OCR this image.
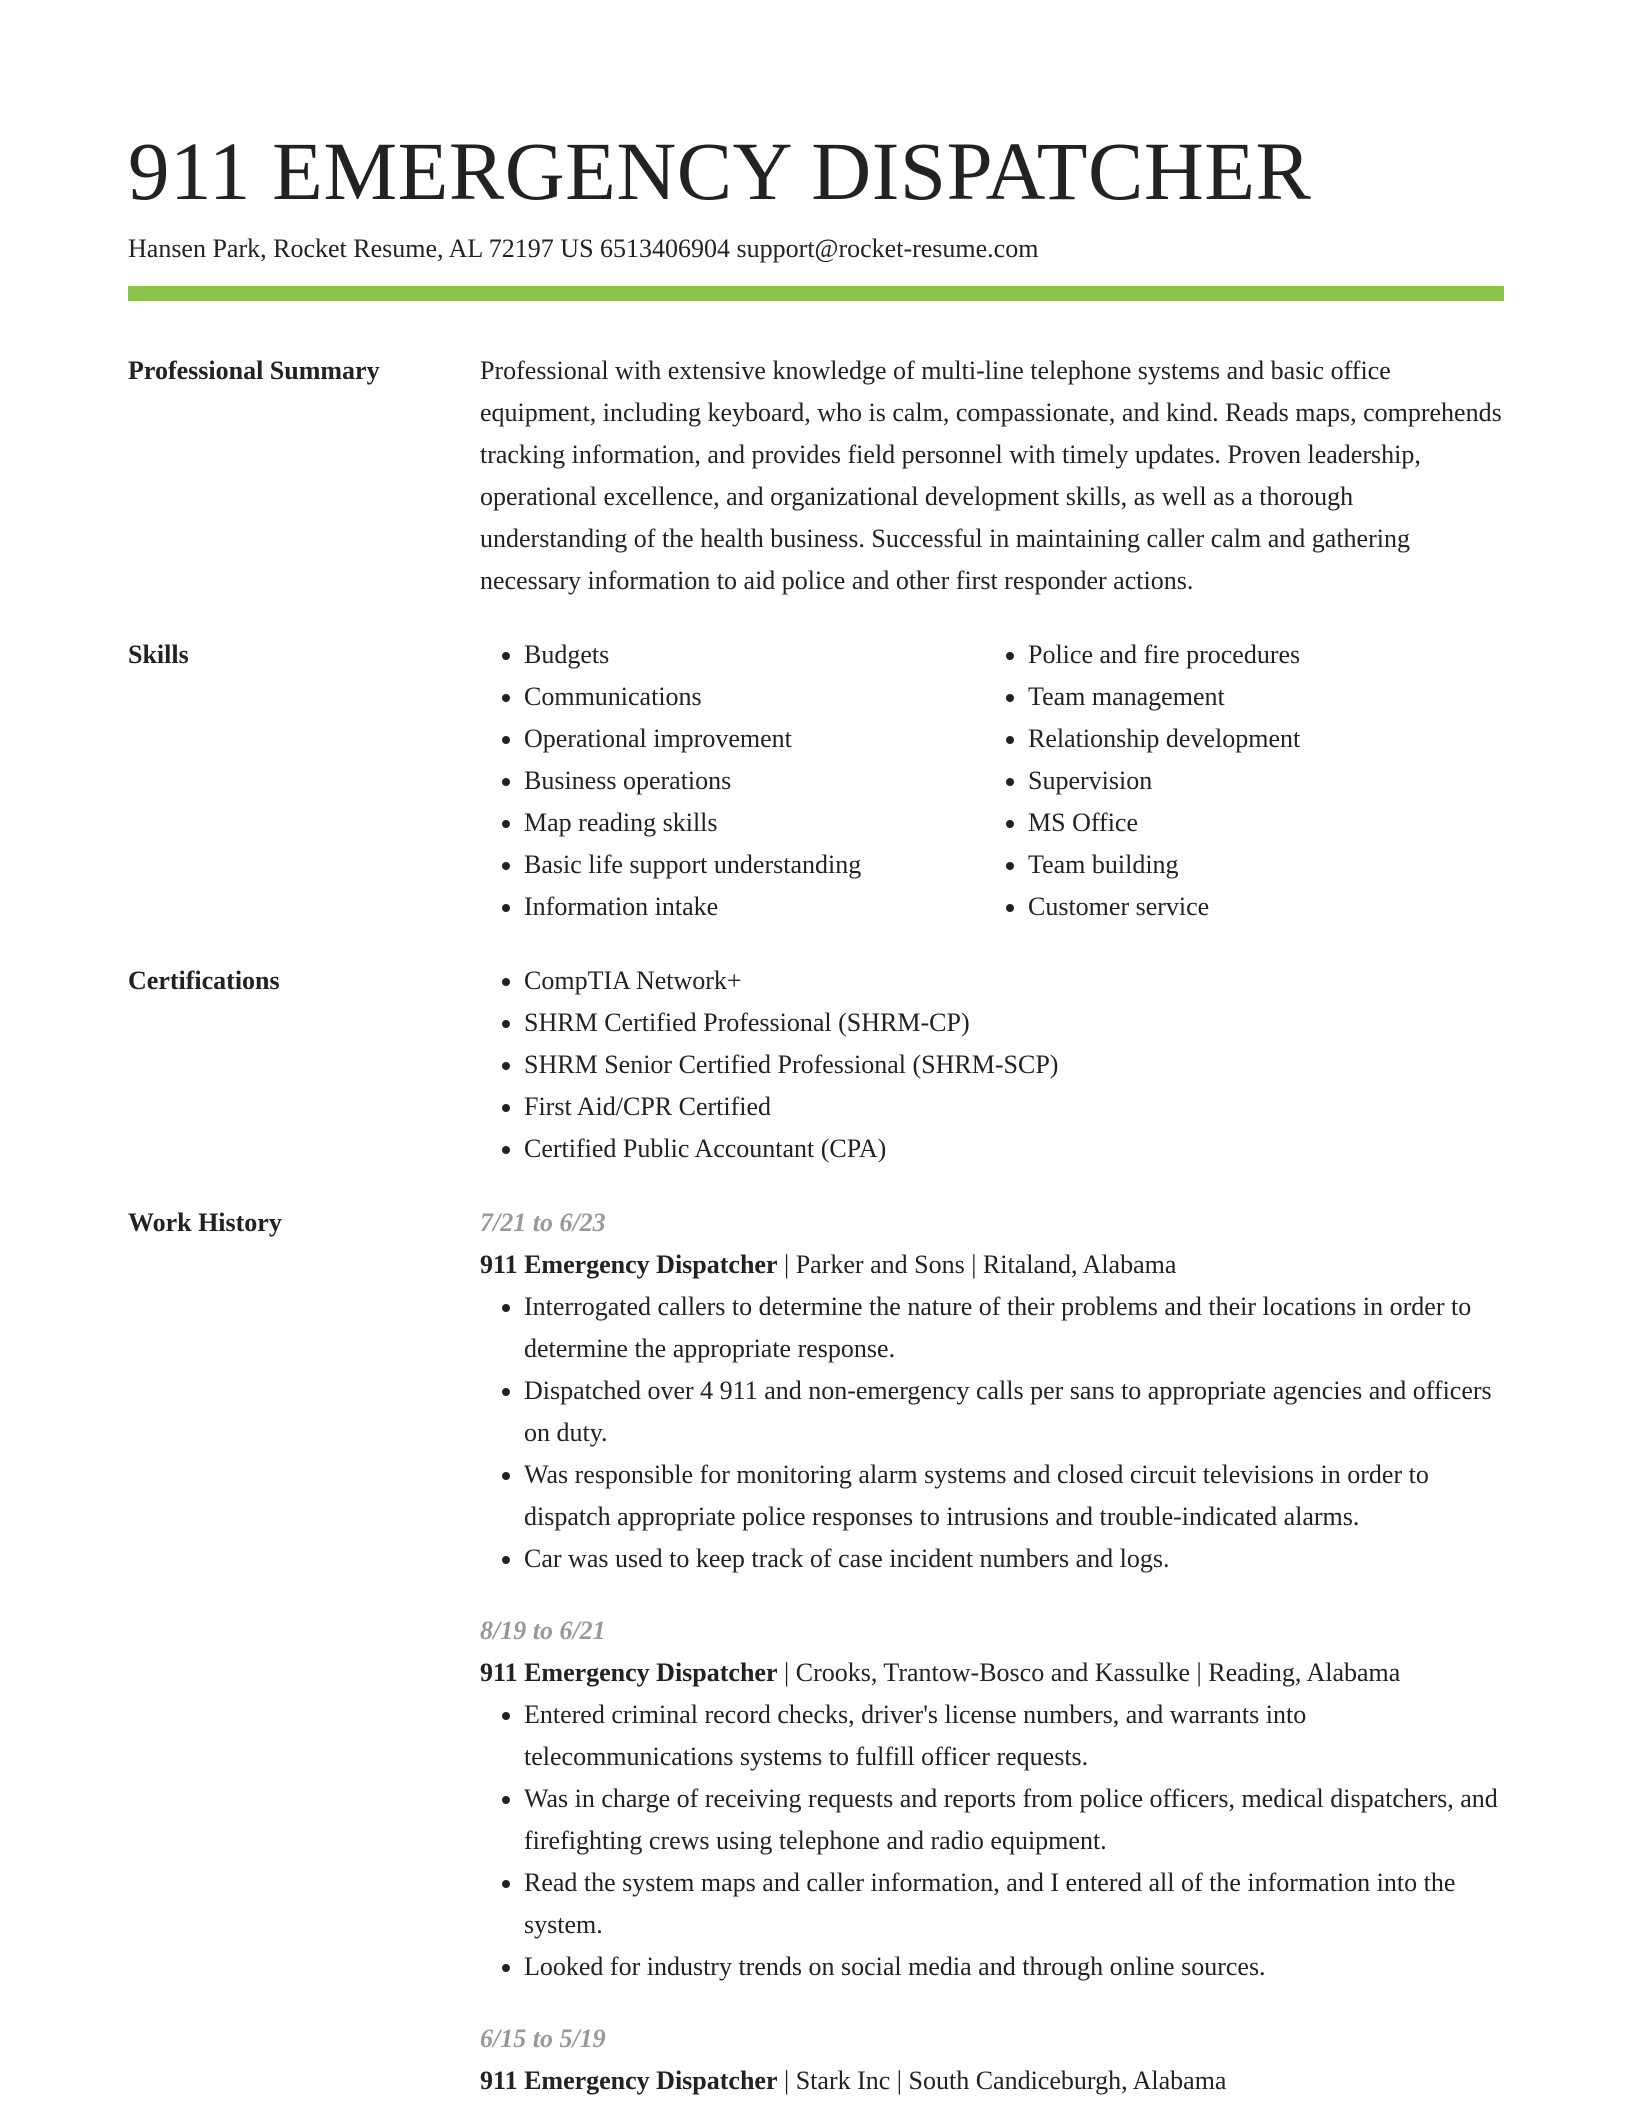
911 EMERGENCY DISPATCHER
Hansen Park, Rocket Resume, AL 72197 US 6513406904 support@rocket-resume.com
Professional Summary	Professional with extensive knowledge of multi-line telephone systems and basic office equipment, including keyboard, who is calm, compassionate, and kind. Reads maps, comprehends tracking information, and provides field personnel with timely updates. Proven leadership, operational excellence, and organizational development skills, as well as a thorough understanding of the health business. Successful in maintaining caller calm and gathering necessary information to aid police and other first responder actions.

Skills	• Budgets
• Communications
• Operational improvement
• Business operations
• Map reading skills
• Basic life support understanding
• Information intake
• Police and fire procedures
• Team management
• Relationship development
• Supervision
• MS Office
• Team building
• Customer service
Certifications	• CompTIA Network+
• SHRM Certified Professional (SHRM-CP)
• SHRM Senior Certified Professional (SHRM-SCP)
• First Aid/CPR Certified
• Certified Public Accountant (CPA)
Work History	7/21 to 6/23
911 Emergency Dispatcher | Parker and Sons | Ritaland, Alabama
• Interrogated callers to determine the nature of their problems and their locations in order to determine the appropriate response.
• Dispatched over 4 911 and non-emergency calls per sans to appropriate agencies and officers on duty.
• Was responsible for monitoring alarm systems and closed circuit televisions in order to dispatch appropriate police responses to intrusions and trouble-indicated alarms.
• Car was used to keep track of case incident numbers and logs.
8/19 to 6/21
911 Emergency Dispatcher | Crooks, Trantow-Bosco and Kassulke | Reading, Alabama
• Entered criminal record checks, driver's license numbers, and warrants into telecommunications systems to fulfill officer requests.
• Was in charge of receiving requests and reports from police officers, medical dispatchers, and firefighting crews using telephone and radio equipment.
• Read the system maps and caller information, and I entered all of the information into the system.
• Looked for industry trends on social media and through online sources.
6/15 to 5/19
911 Emergency Dispatcher | Stark Inc | South Candiceburgh, Alabama
